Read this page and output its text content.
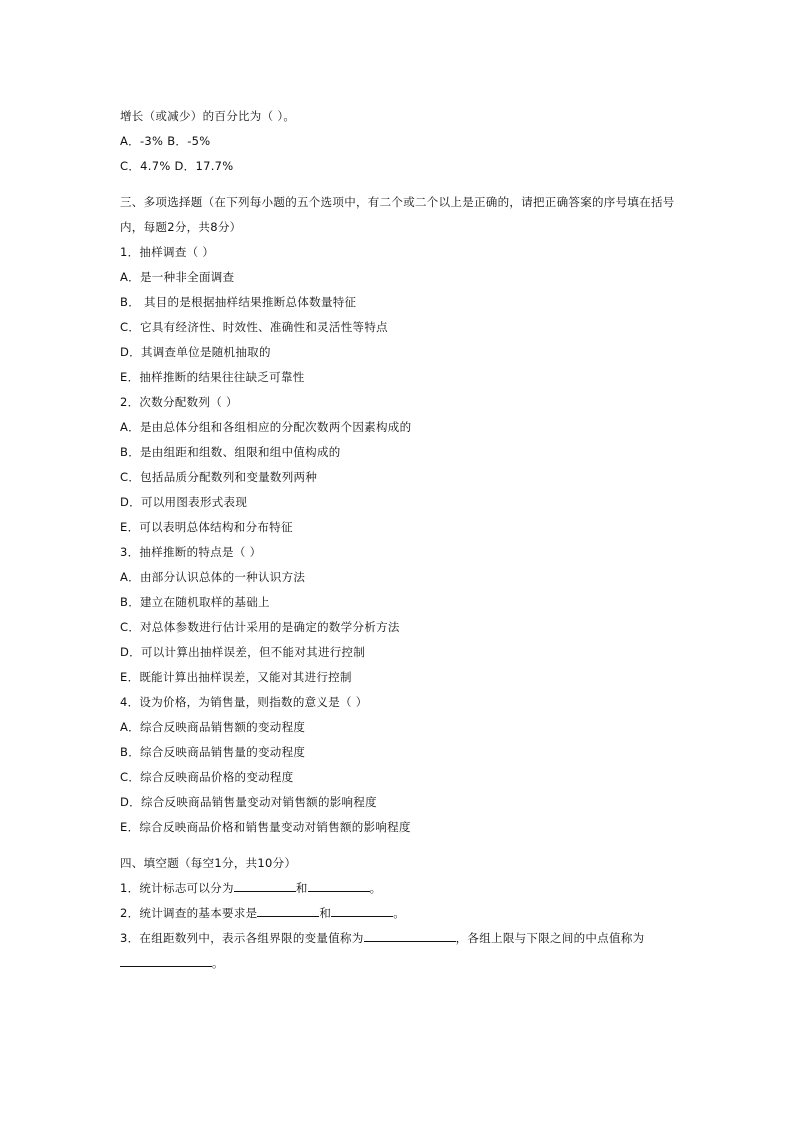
增长（或减少）的百分比为（ ）。
A．-3% B．-5%
C．4.7% D．17.7%
三、多项选择题（在下列每小题的五个选项中，有二个或二个以上是正确的，请把正确答案的序号填在括号内，每题2分，共8分）
1．抽样调查（ ）
A．是一种非全面调查
B． 其目的是根据抽样结果推断总体数量特征
C．它具有经济性、时效性、准确性和灵活性等特点
D．其调查单位是随机抽取的
E．抽样推断的结果往往缺乏可靠性
2．次数分配数列（ ）
A．是由总体分组和各组相应的分配次数两个因素构成的
B．是由组距和组数、组限和组中值构成的
C．包括品质分配数列和变量数列两种
D．可以用图表形式表现
E．可以表明总体结构和分布特征
3．抽样推断的特点是（ ）
A．由部分认识总体的一种认识方法
B．建立在随机取样的基础上
C．对总体参数进行估计采用的是确定的数学分析方法
D．可以计算出抽样误差，但不能对其进行控制
E．既能计算出抽样误差，又能对其进行控制
4．设为价格，为销售量，则指数的意义是（ ）
A．综合反映商品销售额的变动程度
B．综合反映商品销售量的变动程度
C．综合反映商品价格的变动程度
D．综合反映商品销售量变动对销售额的影响程度
E．综合反映商品价格和销售量变动对销售额的影响程度
四、填空题（每空1分，共10分）
1．统计标志可以分为	和	。
2．统计调查的基本要求是	和	。
3．在组距数列中，表示各组界限的变量值称为	，各组上限与下限之间的中点值称为
。
